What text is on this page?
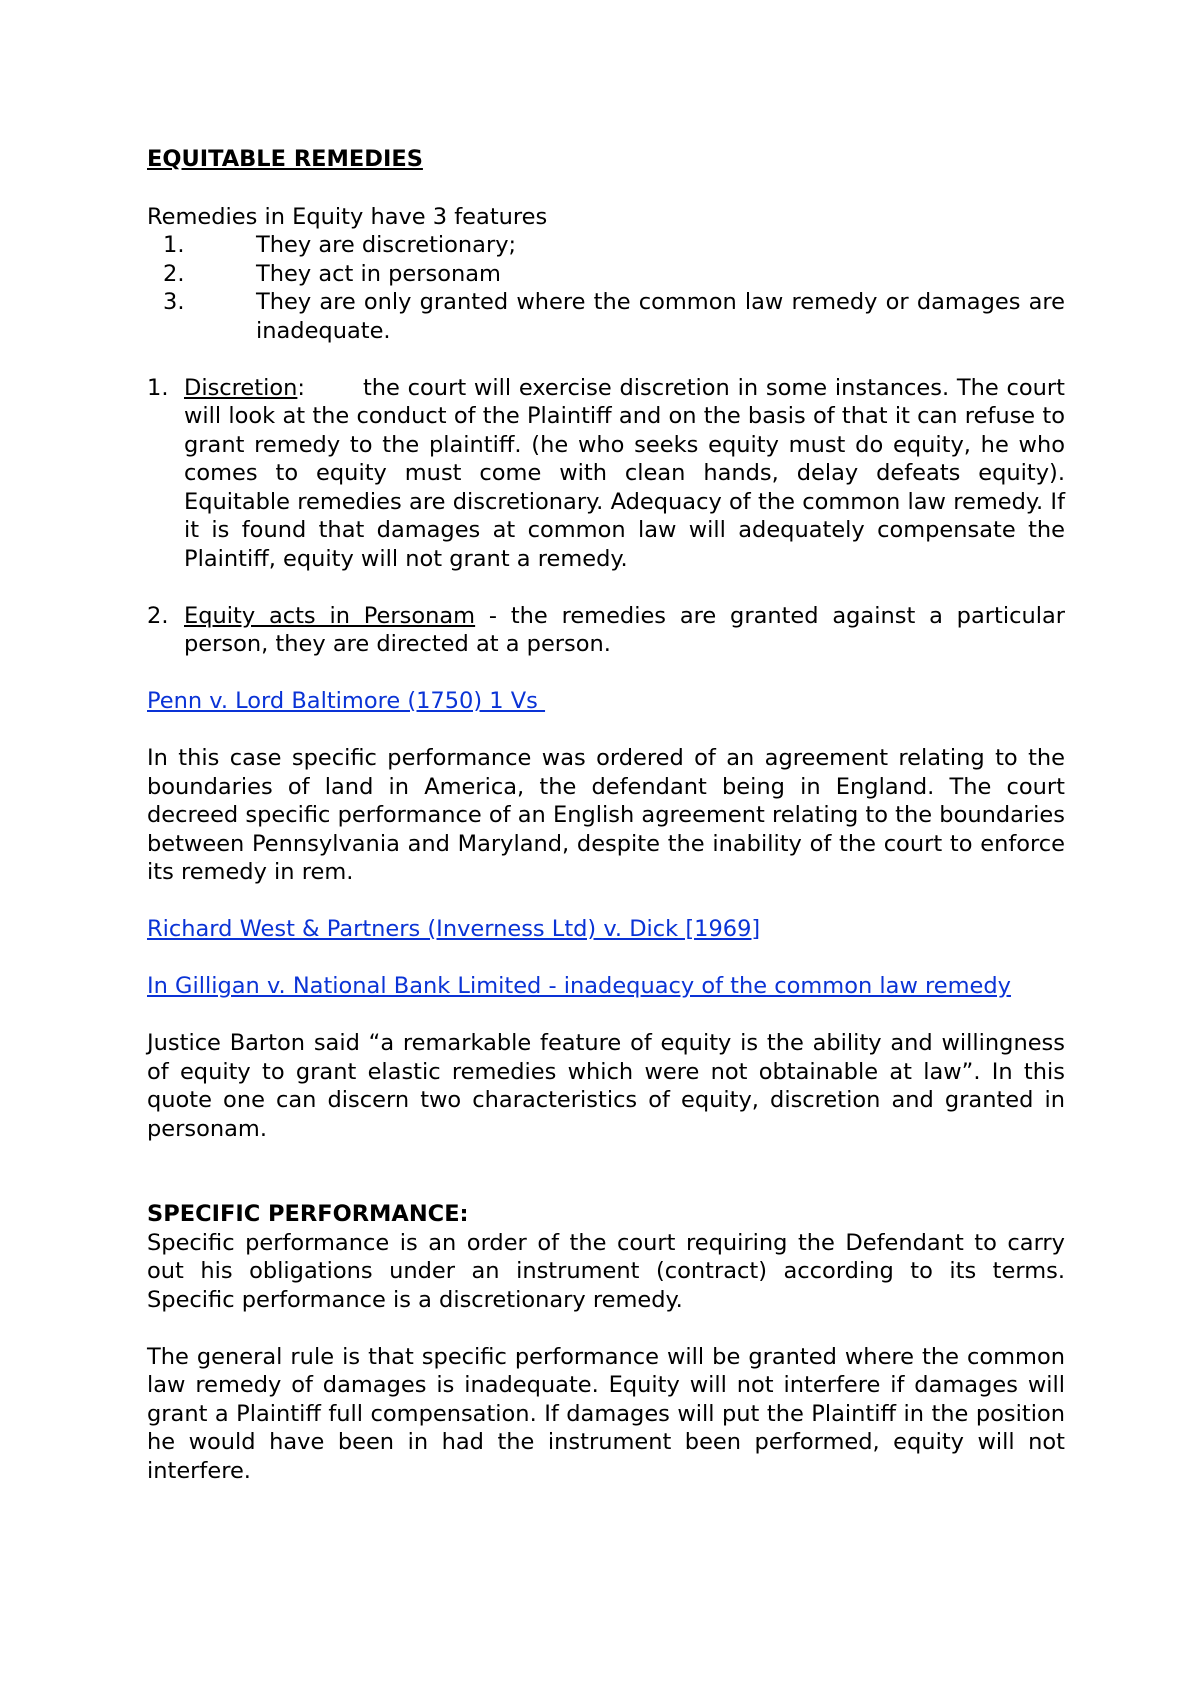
EQUITABLE REMEDIES

Remedies in Equity have 3 features

1.	They are discretionary;
2.	They act in personam
3.	They are only granted where the common law remedy or damages are inadequate.
1. Discretion:	the court will exercise discretion in some instances. The court will look at the conduct of the Plaintiff and on the basis of that it can refuse to grant remedy to the plaintiff. (he who seeks equity must do equity, he who comes to equity must come with clean hands, delay defeats equity). Equitable remedies are discretionary. Adequacy of the common law remedy. If it is found that damages at common law will adequately compensate the Plaintiff, equity will not grant a remedy.
2. Equity acts in Personam - the remedies are granted against a particular person, they are directed at a person.

Penn v. Lord Baltimore (1750) 1 Vs

In this case specific performance was ordered of an agreement relating to the boundaries of land in America, the defendant being in England. The court decreed specific performance of an English agreement relating to the boundaries between Pennsylvania and Maryland, despite the inability of the court to enforce its remedy in rem.

Richard West & Partners (Inverness Ltd) v. Dick [1969]

In Gilligan v. National Bank Limited - inadequacy of the common law remedy

Justice Barton said “a remarkable feature of equity is the ability and willingness of equity to grant elastic remedies which were not obtainable at law”. In this quote one can discern two characteristics of equity, discretion and granted in personam.

SPECIFIC PERFORMANCE:

Specific performance is an order of the court requiring the Defendant to carry out his obligations under an instrument (contract) according to its terms. Specific performance is a discretionary remedy.

The general rule is that specific performance will be granted where the common law remedy of damages is inadequate. Equity will not interfere if damages will grant a Plaintiff full compensation. If damages will put the Plaintiff in the position he would have been in had the instrument been performed, equity will not interfere.
